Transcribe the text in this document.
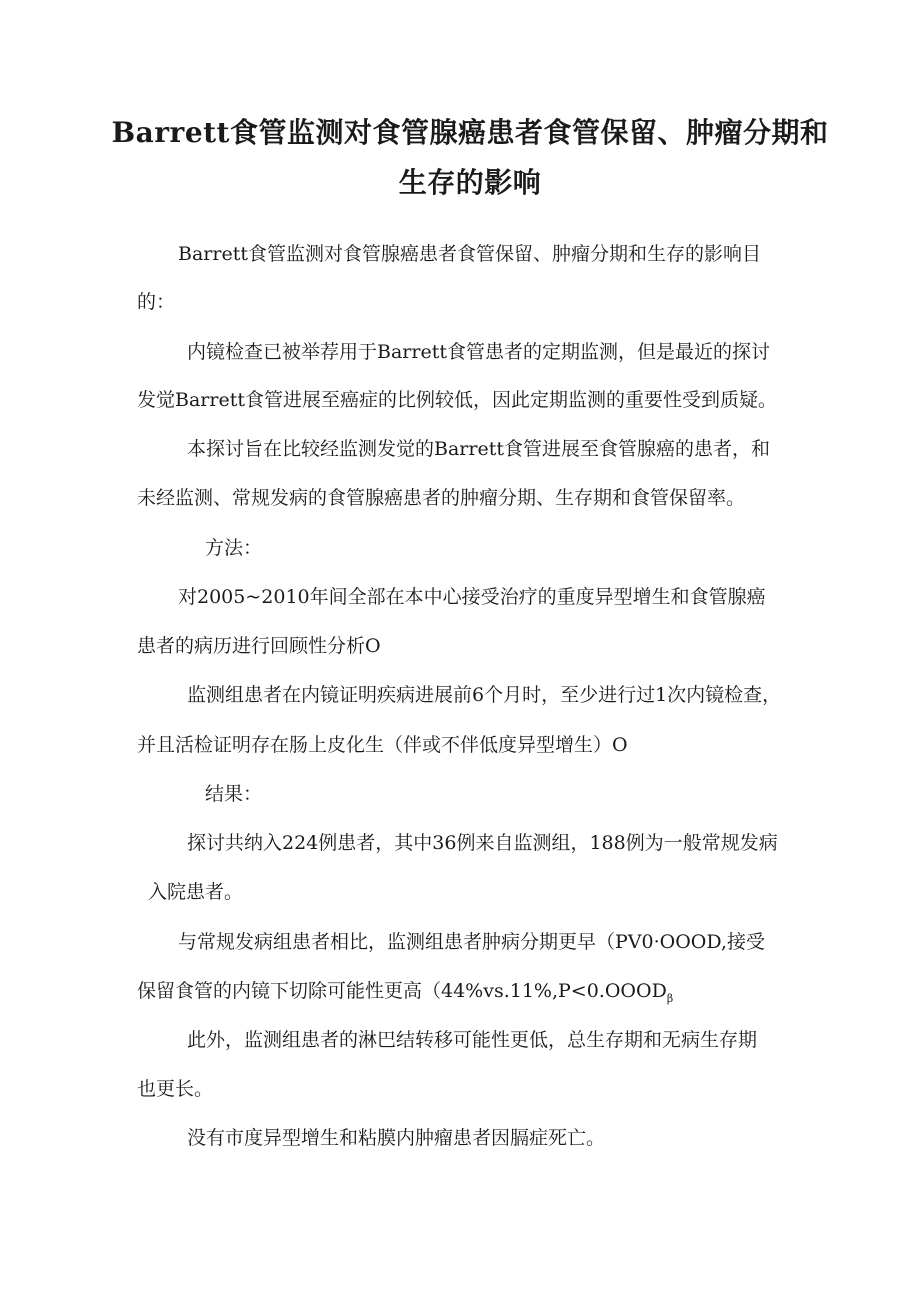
Barrett食管监测对食管腺癌患者食管保留、肿瘤分期和
生存的影响

Barrett食管监测对食管腺癌患者食管保留、肿瘤分期和生存的影响目

的：

内镜检查已被举荐用于Barrett食管患者的定期监测，但是最近的探讨

发觉Barrett食管进展至癌症的比例较低，因此定期监测的重要性受到质疑。

本探讨旨在比较经监测发觉的Barrett食管进展至食管腺癌的患者，和

未经监测、常规发病的食管腺癌患者的肿瘤分期、生存期和食管保留率。

方法：

对2005~2010年间全部在本中心接受治疗的重度异型增生和食管腺癌

患者的病历进行回顾性分析O

监测组患者在内镜证明疾病进展前6个月时，至少进行过1次内镜检查，

并且活检证明存在肠上皮化生（伴或不伴低度异型增生）O

结果：

探讨共纳入224例患者，其中36例来自监测组，188例为一般常规发病

入院患者。

与常规发病组患者相比，监测组患者肿病分期更早（PV0·OOOD,接受

保留食管的内镜下切除可能性更高（$44\%vs.11\%,P<0.OOOD_\beta$

此外，监测组患者的淋巴结转移可能性更低，总生存期和无病生存期

也更长。

没有市度异型增生和粘膜内肿瘤患者因膈症死亡。
